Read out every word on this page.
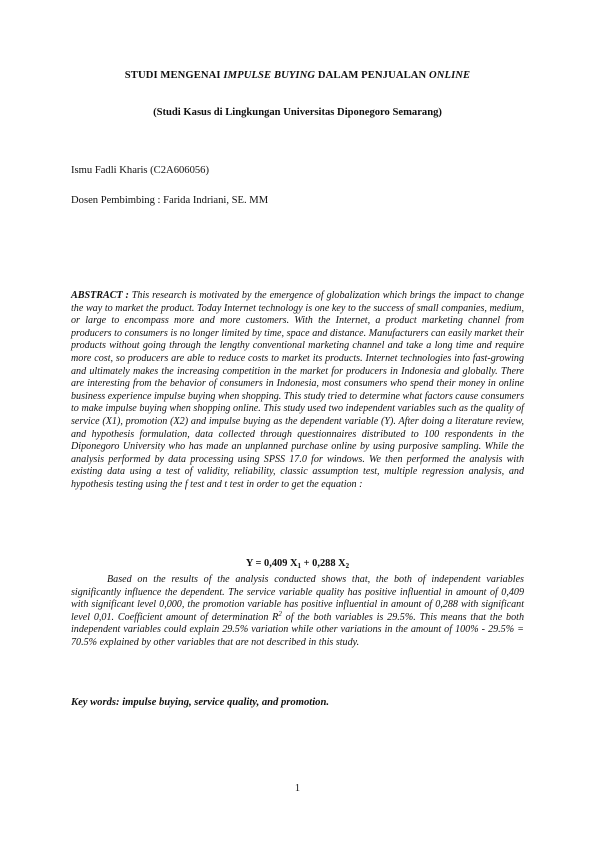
STUDI MENGENAI IMPULSE BUYING DALAM PENJUALAN ONLINE
(Studi Kasus di Lingkungan Universitas Diponegoro Semarang)
Ismu Fadli Kharis (C2A606056)
Dosen Pembimbing : Farida Indriani, SE. MM

ABSTRACT : This research is motivated by the emergence of globalization which brings the impact to change the way to market the product. Today Internet technology is one key to the success of small companies, medium, or large to encompass more and more customers. With the Internet, a product marketing channel from producers to consumers is no longer limited by time, space and distance. Manufacturers can easily market their products without going through the lengthy conventional marketing channel and take a long time and require more cost, so producers are able to reduce costs to market its products. Internet technologies into fast-growing and ultimately makes the increasing competition in the market for producers in Indonesia and globally. There are interesting from the behavior of consumers in Indonesia, most consumers who spend their money in online business experience impulse buying when shopping. This study tried to determine what factors cause consumers to make impulse buying when shopping online. This study used two independent variables such as the quality of service (X1), promotion (X2) and impulse buying as the dependent variable (Y). After doing a literature review, and hypothesis formulation, data collected through questionnaires distributed to 100 respondents in the Diponegoro University who has made an unplanned purchase online by using purposive sampling. While the analysis performed by data processing using SPSS 17.0 for windows. We then performed the analysis with existing data using a test of validity, reliability, classic assumption test, multiple regression analysis, and hypothesis testing using the f test and t test in order to get the equation :

Y = 0,409 $X_1 + 0,288$ $X_2$

Based on the results of the analysis conducted shows that, the both of independent variables significantly influence the dependent. The service variable quality has positive influential in amount of 0,409 with significant level 0,000, the promotion variable has positive influential in amount of 0,288 with significant level 0,01. Coefficient amount of determination $R^2$ of the both variables is 29.5%. This means that the both independent variables could explain 29.5% variation while other variations in the amount of 100% - 29.5% = 70.5% explained by other variables that are not described in this study.

Key words: impulse buying, service quality, and promotion.
1
